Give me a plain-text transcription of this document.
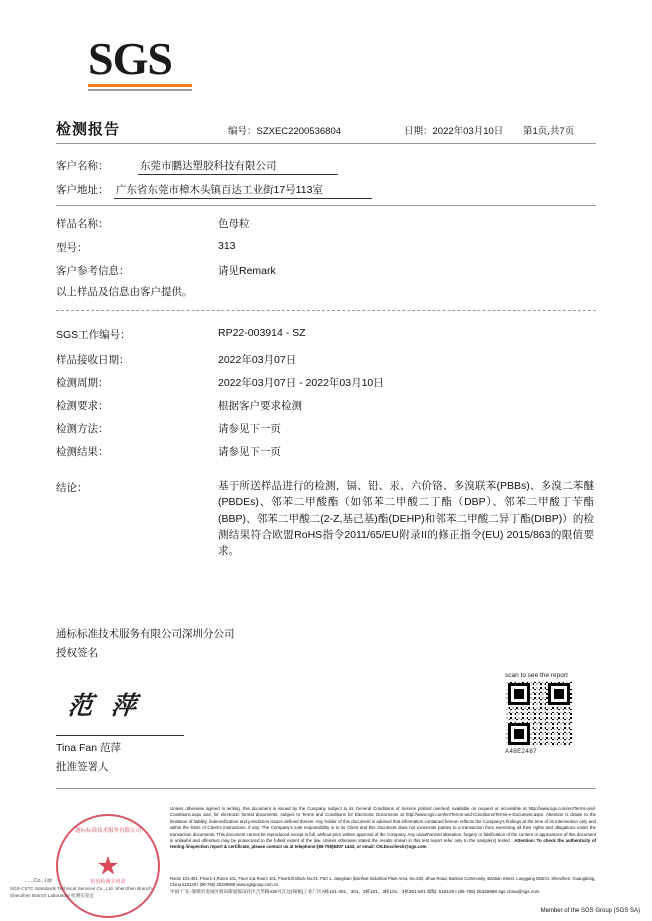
SGS
检测报告	编号：SZXEC2200536804	日期：2022年03月10日 第1页,共7页
客户名称：	东莞市鹏达塑胶科技有限公司
客户地址： 广东省东莞市樟木头镇百达工业街17号113室
样品名称：	色母粒
型号：	313
客户参考信息：	请见Remark
以上样品及信息由客户提供。
SGS工作编号：	RP22-003914 - SZ
样品接收日期：	2022年03月07日
检测周期：	2022年03月07日 - 2022年03月10日
检测要求：	根据客户要求检测
检测方法：	请参见下一页
检测结果：	请参见下一页
结论：	基于所送样品进行的检测，镉、铅、汞、六价铬、多溴联苯(PBBs)、多溴二苯醚(PBDEs)、邻苯二甲酸酯（如邻苯二甲酸二丁酯（DBP）、邻苯二甲酸丁苄酯(BBP)、邻苯二甲酸二(2-Z,基己基)酯(DEHP)和邻苯二甲酸二异丁酯(DIBP)）的检测结果符合欧盟RoHS指令2011/65/EU附录II的修正指令(EU) 2015/863的限值要求。
通标标准技术服务有限公司深圳分公司
授权签名
范 萍
Tina Fan 范萍
批准签署人
scan to see the report
A48E2487
通标标准技术服务有限公司
★
检验检测专用章
……Co., Ltd
SGS-CSTC Standards Technical Services Co., Ltd. Shenzhen Branch
Shenzhen Branch Laboratory 检测实验室
Unless otherwise agreed in writing, this document is issued by the Company subject to its General Conditions of Service printed overleaf, available on request or accessible at http://www.sgs.com/en/Terms-and-Conditions.aspx and, for electronic format documents, subject to Terms and Conditions for Electronic Documents at http://www.sgs.com/en/Terms-and-Conditions/Terms-e-Document.aspx. Attention is drawn to the limitation of liability, indemnification and jurisdiction issues defined therein. Any holder of this document is advised that information contained hereon reflects the Company's findings at the time of its intervention only and within the limits of Client's instructions, if any. The Company's sole responsibility is to its Client and this document does not exonerate parties to a transaction from exercising all their rights and obligations under the transaction documents. This document cannot be reproduced except in full, without prior written approval of the Company. Any unauthorized alteration, forgery or falsification of the content or appearance of this document is unlawful and offenders may be prosecuted to the fullest extent of the law. Unless otherwise stated the results shown in this test report refer only to the sample(s) tested . Attention: To check the authenticity of testing /inspection report & certificate, please contact us at telephone:(86-755)8307 1443, or email: CN.Doccheck@sgs.com
Room 101-401, Floor1-4,Room 101, Floor 3,& Room 101, Floor5,B Block,No.01, Part 1, Jiangbian (Bonfeat Industrial Plant Area, No.430, Jihua Road, Bantian Community, Bantian Street, Longgang District, Shenzhen, Guangdong, China 518129 t (86-755) 25328888 www.sgsgroup.com.cn
中国·广东·深圳市龙岗区坂田街道坂田社区吉华路430号江边(保税)工业厂区A栋101-401、301、3栋101、3栋101、3栋301-501 邮编: 518129 t (86-755) 25328888 sgs.china@sgs.com
Member of the SGS Group (SGS SA)
